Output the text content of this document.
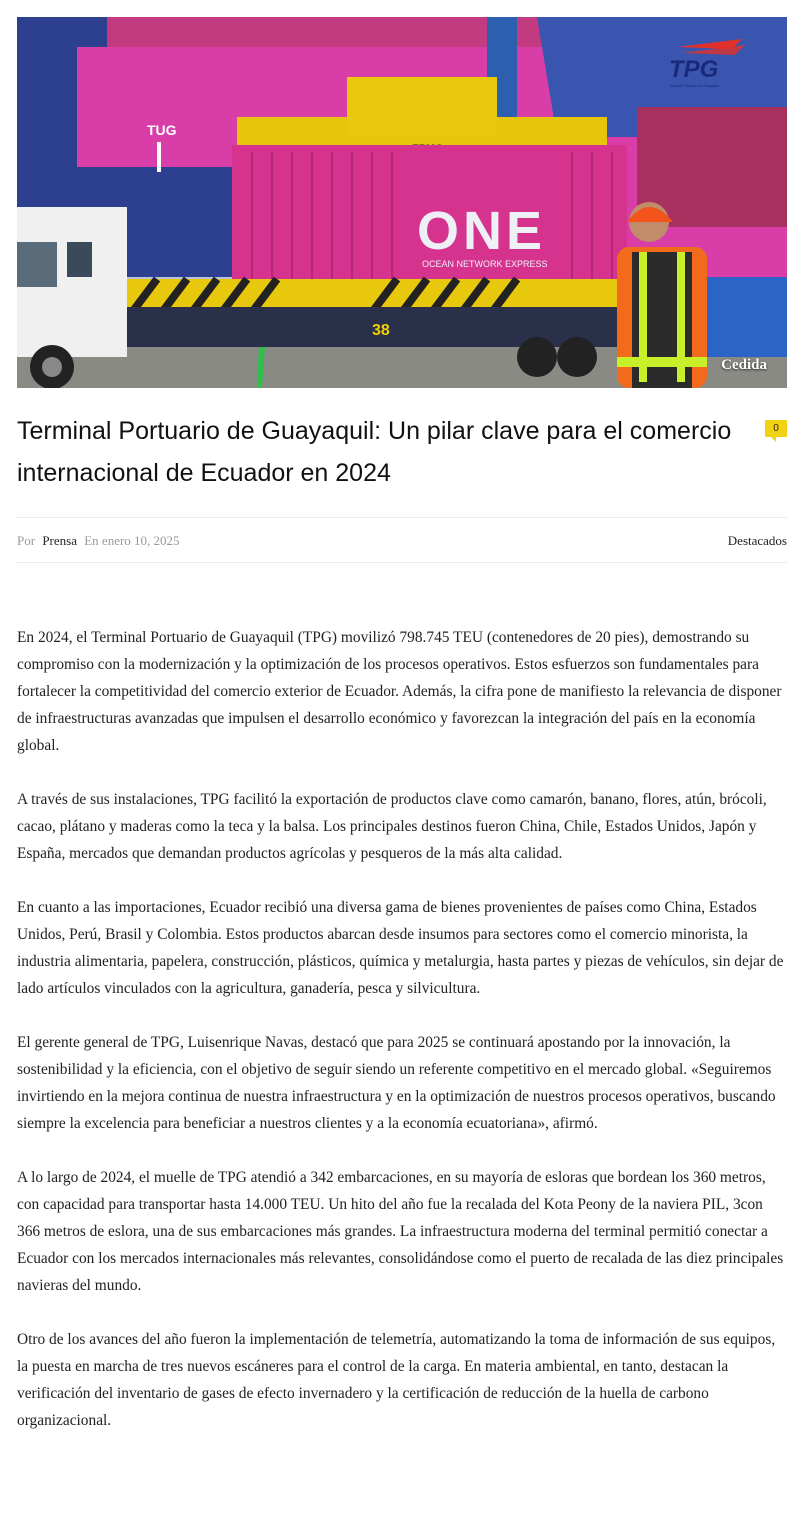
TUG
ONE
OCEAN NETWORK EXPRESS
38
TPG
Terminal Portuario de Guayaquil
Cedida
Terminal Portuario de Guayaquil: Un pilar clave para el comercio internacional de Ecuador en 2024
0
Por Prensa En enero 10, 2025	Destacados

En 2024, el Terminal Portuario de Guayaquil (TPG) movilizó 798.745 TEU (contenedores de 20 pies), demostrando su compromiso con la modernización y la optimización de los procesos operativos. Estos esfuerzos son fundamentales para fortalecer la competitividad del comercio exterior de Ecuador. Además, la cifra pone de manifiesto la relevancia de disponer de infraestructuras avanzadas que impulsen el desarrollo económico y favorezcan la integración del país en la economía global.

A través de sus instalaciones, TPG facilitó la exportación de productos clave como camarón, banano, flores, atún, brócoli, cacao, plátano y maderas como la teca y la balsa. Los principales destinos fueron China, Chile, Estados Unidos, Japón y España, mercados que demandan productos agrícolas y pesqueros de la más alta calidad.

En cuanto a las importaciones, Ecuador recibió una diversa gama de bienes provenientes de países como China, Estados Unidos, Perú, Brasil y Colombia. Estos productos abarcan desde insumos para sectores como el comercio minorista, la industria alimentaria, papelera, construcción, plásticos, química y metalurgia, hasta partes y piezas de vehículos, sin dejar de lado artículos vinculados con la agricultura, ganadería, pesca y silvicultura.

El gerente general de TPG, Luisenrique Navas, destacó que para 2025 se continuará apostando por la innovación, la sostenibilidad y la eficiencia, con el objetivo de seguir siendo un referente competitivo en el mercado global. «Seguiremos invirtiendo en la mejora continua de nuestra infraestructura y en la optimización de nuestros procesos operativos, buscando siempre la excelencia para beneficiar a nuestros clientes y a la economía ecuatoriana», afirmó.

A lo largo de 2024, el muelle de TPG atendió a 342 embarcaciones, en su mayoría de esloras que bordean los 360 metros, con capacidad para transportar hasta 14.000 TEU. Un hito del año fue la recalada del Kota Peony de la naviera PIL, 3con 366 metros de eslora, una de sus embarcaciones más grandes. La infraestructura moderna del terminal permitió conectar a Ecuador con los mercados internacionales más relevantes, consolidándose como el puerto de recalada de las diez principales navieras del mundo.

Otro de los avances del año fueron la implementación de telemetría, automatizando la toma de información de sus equipos, la puesta en marcha de tres nuevos escáneres para el control de la carga. En materia ambiental, en tanto, destacan la verificación del inventario de gases de efecto invernadero y la certificación de reducción de la huella de carbono organizacional.
